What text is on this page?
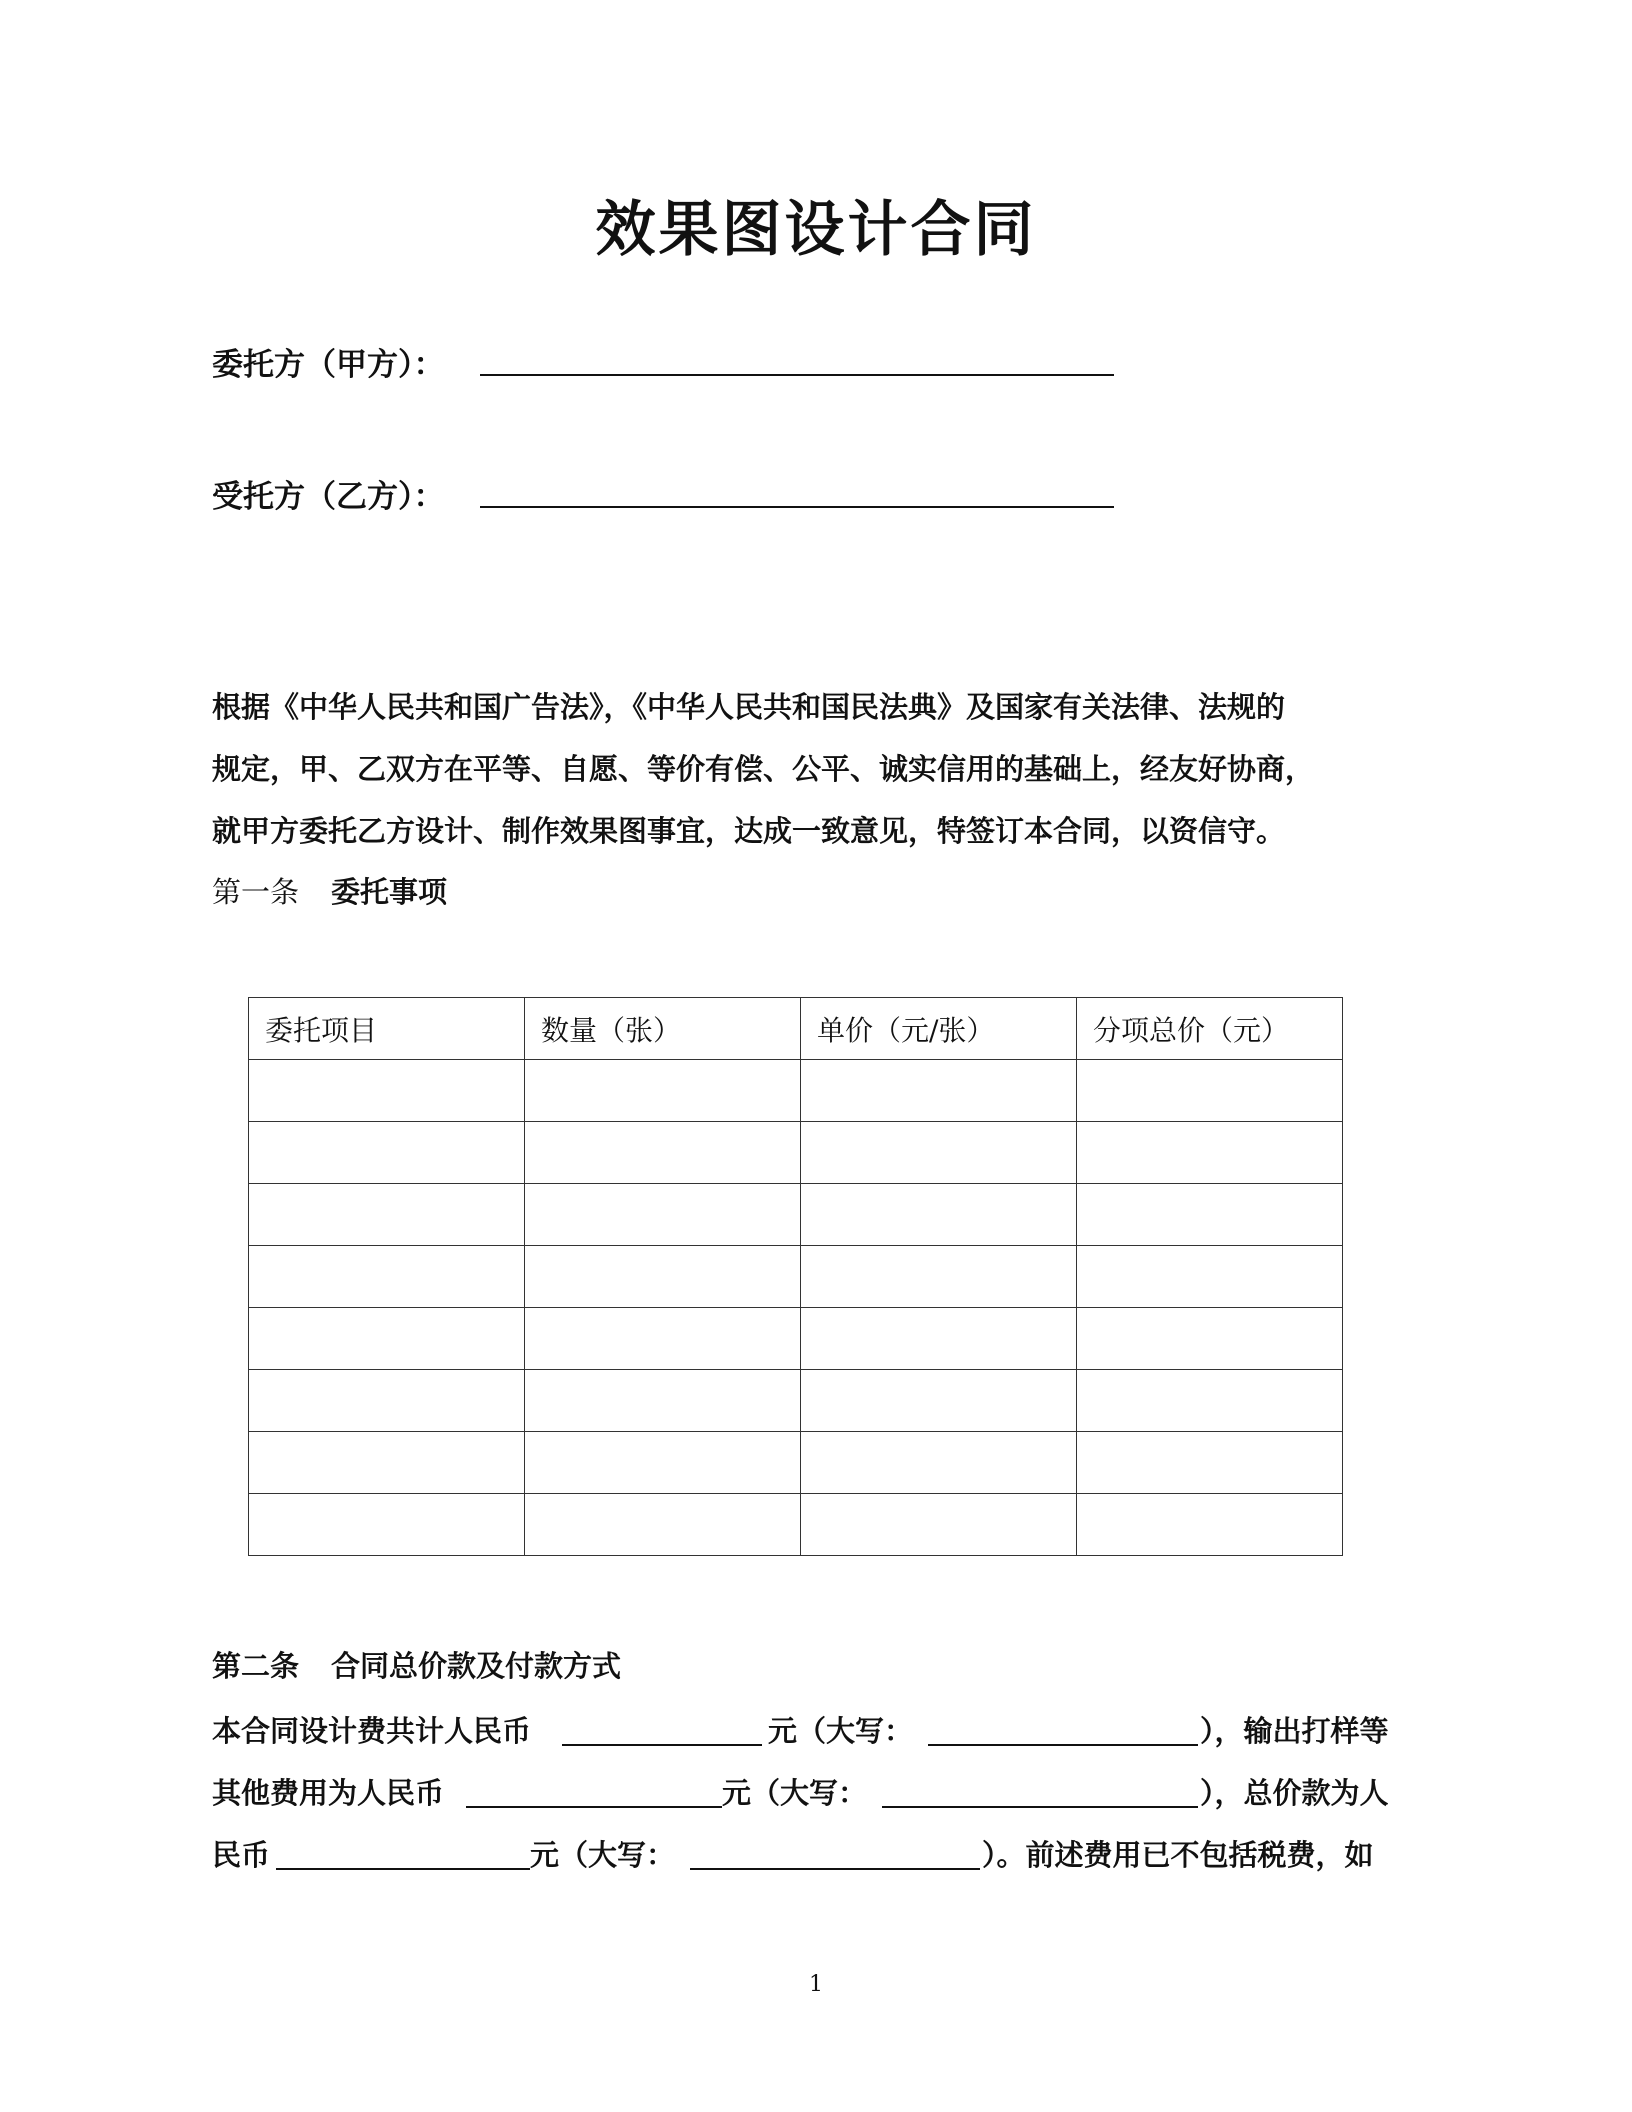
效果图设计合同
委托方（甲方）：
受托方（乙方）：

根据《中华人民共和国广告法》，《中华人民共和国民法典》及国家有关法律、法规的

规定，甲、乙双方在平等、自愿、等价有偿、公平、诚实信用的基础上，经友好协商，

就甲方委托乙方设计、制作效果图事宜，达成一致意见，特签订本合同，以资信守。

第一条 委托事项
委托项目	数量（张）	单价（元/张）	分项总价（元）

第二条 合同总价款及付款方式
本合同设计费共计人民币	元（大写：	），输出打样等
其他费用为人民币	元（大写：	），总价款为人
民币	元（大写：	）。前述费用已不包括税费，如
1
